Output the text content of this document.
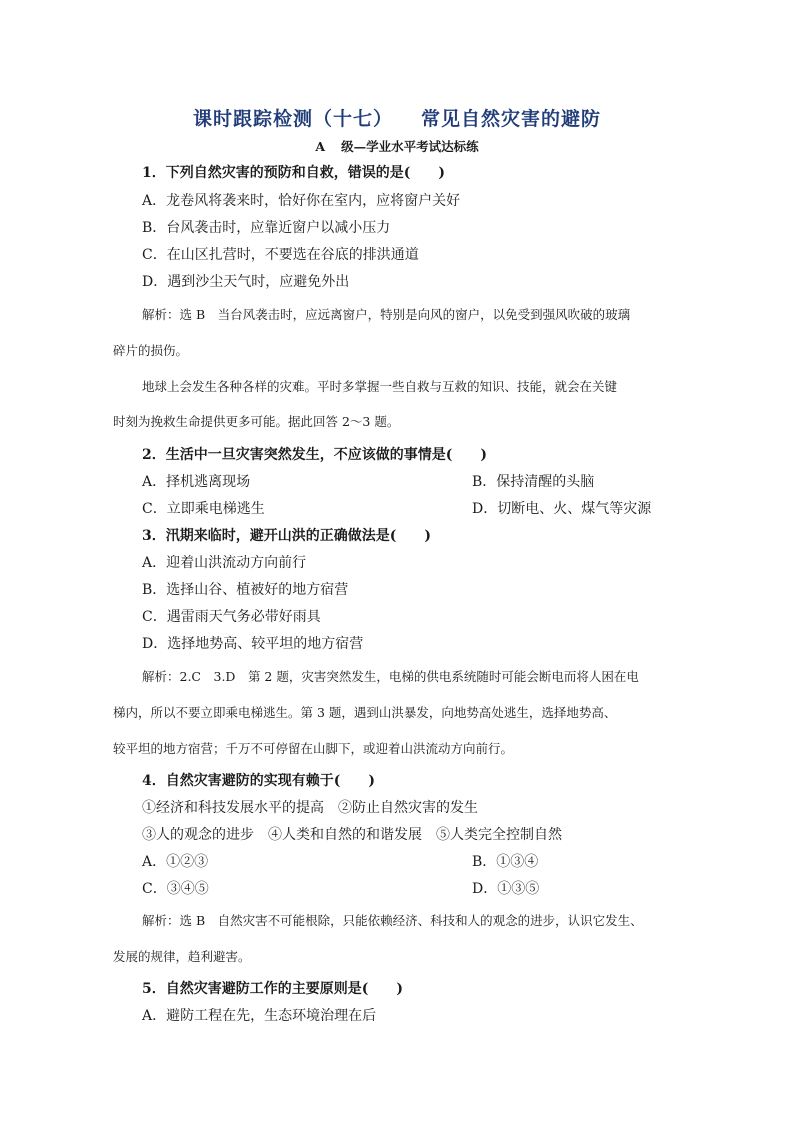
课时跟踪检测（十七） 常见自然灾害的避防
A 级—学业水平考试达标练
1．下列自然灾害的预防和自救，错误的是(　　)
A．龙卷风将袭来时，恰好你在室内，应将窗户关好
B．台风袭击时，应靠近窗户以减小压力
C．在山区扎营时，不要选在谷底的排洪通道
D．遇到沙尘天气时，应避免外出
解析：选 B　当台风袭击时，应远离窗户，特别是向风的窗户，以免受到强风吹破的玻璃
碎片的损伤。
地球上会发生各种各样的灾难。平时多掌握一些自救与互救的知识、技能，就会在关键
时刻为挽救生命提供更多可能。据此回答 2～3 题。
2．生活中一旦灾害突然发生，不应该做的事情是(　　)
A．择机逃离现场	B．保持清醒的头脑
C．立即乘电梯逃生	D．切断电、火、煤气等灾源
3．汛期来临时，避开山洪的正确做法是(　　)
A．迎着山洪流动方向前行
B．选择山谷、植被好的地方宿营
C．遇雷雨天气务必带好雨具
D．选择地势高、较平坦的地方宿营
解析：2.C　3.D　第 2 题，灾害突然发生，电梯的供电系统随时可能会断电而将人困在电
梯内，所以不要立即乘电梯逃生。第 3 题，遇到山洪暴发，向地势高处逃生，选择地势高、
较平坦的地方宿营；千万不可停留在山脚下，或迎着山洪流动方向前行。
4．自然灾害避防的实现有赖于(　　)
①经济和科技发展水平的提高　②防止自然灾害的发生
③人的观念的进步　④人类和自然的和谐发展　⑤人类完全控制自然
A．①②③	B．①③④
C．③④⑤	D．①③⑤
解析：选 B　自然灾害不可能根除，只能依赖经济、科技和人的观念的进步，认识它发生、
发展的规律，趋利避害。
5．自然灾害避防工作的主要原则是(　　)
A．避防工程在先，生态环境治理在后
